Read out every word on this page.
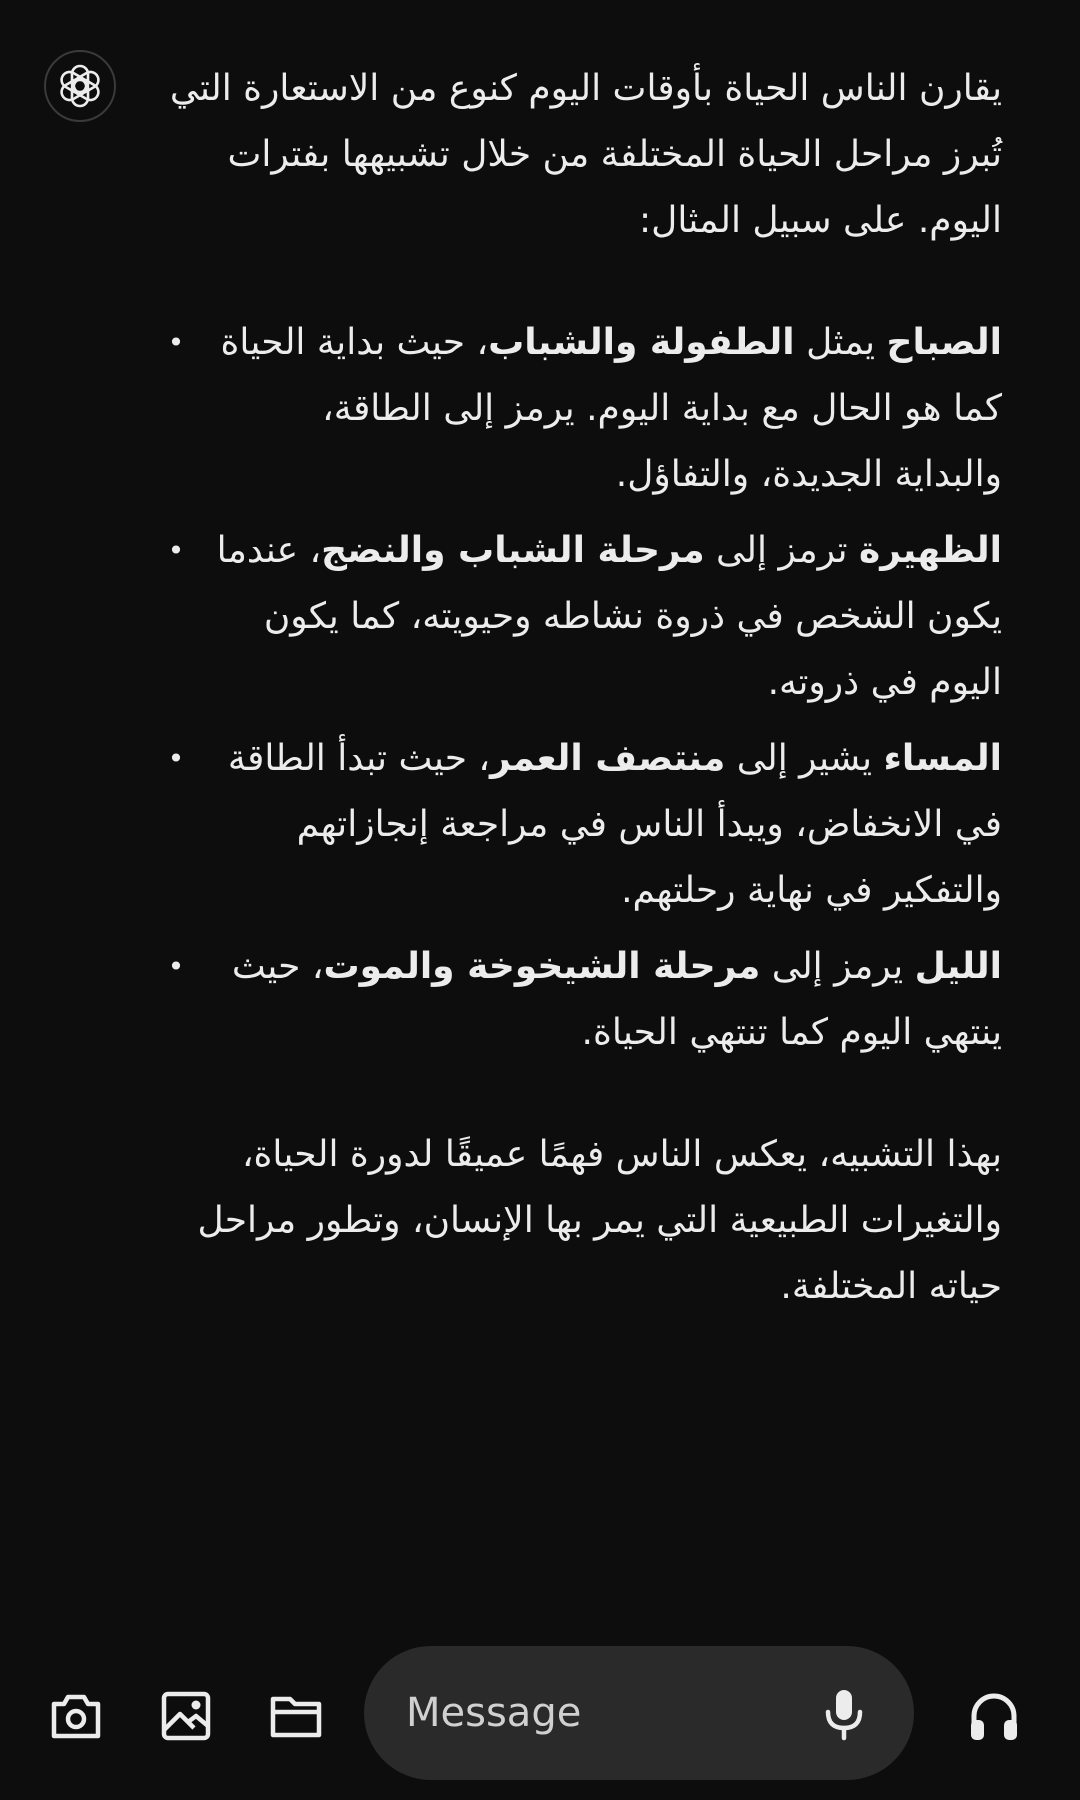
يقارن الناس الحياة بأوقات اليوم كنوع من الاستعارة التي تُبرز مراحل الحياة المختلفة من خلال تشبيهها بفترات اليوم. على سبيل المثال:

•	الصباح يمثل الطفولة والشباب، حيث بداية الحياة كما هو الحال مع بداية اليوم. يرمز إلى الطاقة، والبداية الجديدة، والتفاؤل.
•	الظهيرة ترمز إلى مرحلة الشباب والنضج، عندما يكون الشخص في ذروة نشاطه وحيويته، كما يكون اليوم في ذروته.
•	المساء يشير إلى منتصف العمر، حيث تبدأ الطاقة في الانخفاض، ويبدأ الناس في مراجعة إنجازاتهم والتفكير في نهاية رحلتهم.
•	الليل يرمز إلى مرحلة الشيخوخة والموت، حيث ينتهي اليوم كما تنتهي الحياة.

بهذا التشبيه، يعكس الناس فهمًا عميقًا لدورة الحياة، والتغيرات الطبيعية التي يمر بها الإنسان، وتطور مراحل حياته المختلفة.

Message
